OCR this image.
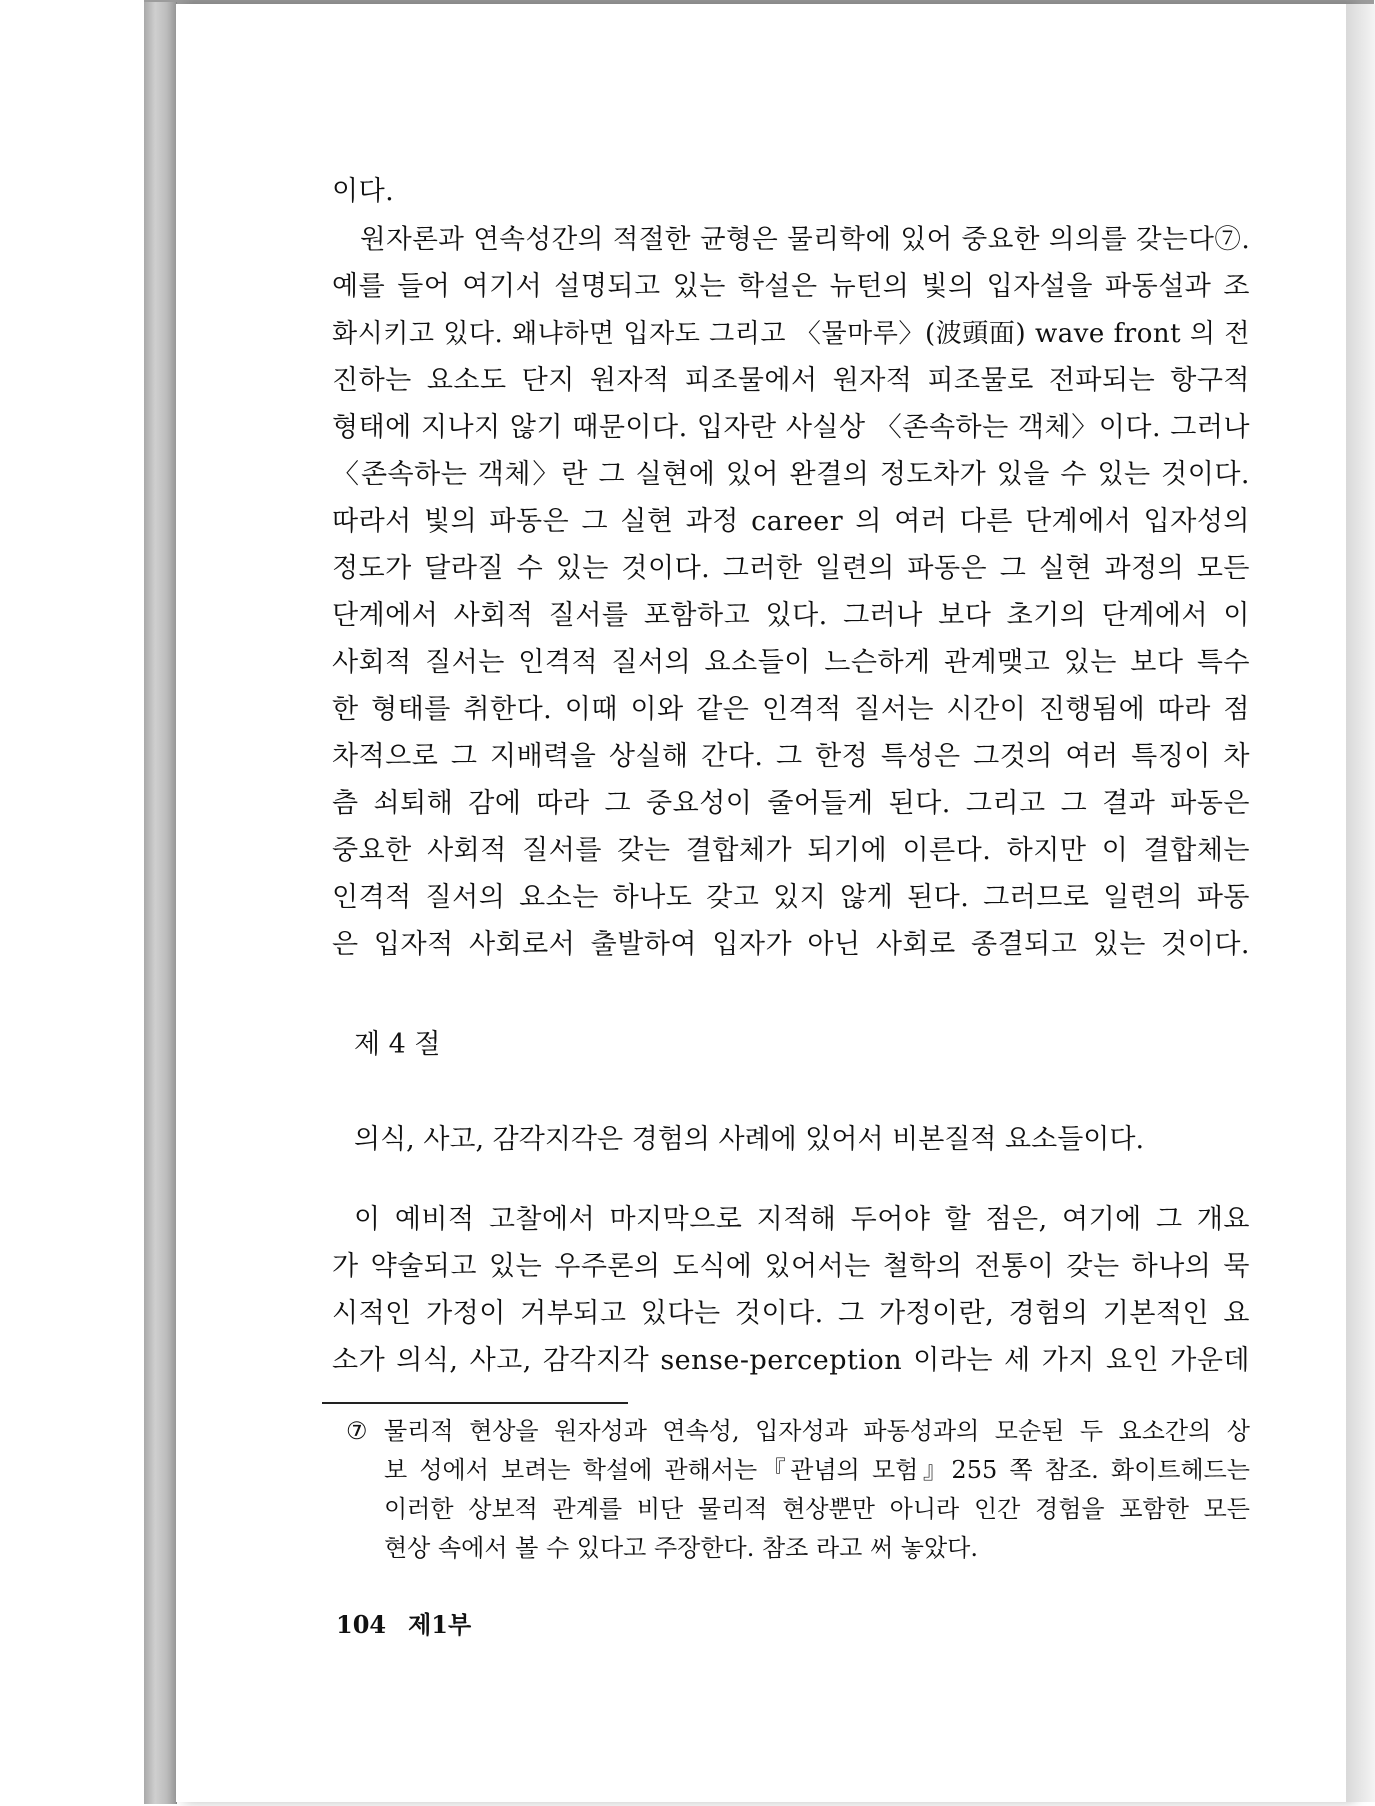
이다.
원자론과 연속성간의 적절한 균형은 물리학에 있어 중요한 의의를 갖는다⑦.
예를 들어 여기서 설명되고 있는 학설은 뉴턴의 빛의 입자설을 파동설과 조
화시키고 있다. 왜냐하면 입자도 그리고 〈물마루〉(波頭面) wave front 의 전
진하는 요소도 단지 원자적 피조물에서 원자적 피조물로 전파되는 항구적
형태에 지나지 않기 때문이다. 입자란 사실상 〈존속하는 객체〉이다. 그러나
〈존속하는 객체〉란 그 실현에 있어 완결의 정도차가 있을 수 있는 것이다.
따라서 빛의 파동은 그 실현 과정 career 의 여러 다른 단계에서 입자성의
정도가 달라질 수 있는 것이다. 그러한 일련의 파동은 그 실현 과정의 모든
단계에서 사회적 질서를 포함하고 있다. 그러나 보다 초기의 단계에서 이
사회적 질서는 인격적 질서의 요소들이 느슨하게 관계맺고 있는 보다 특수
한 형태를 취한다. 이때 이와 같은 인격적 질서는 시간이 진행됨에 따라 점
차적으로 그 지배력을 상실해 간다. 그 한정 특성은 그것의 여러 특징이 차
츰 쇠퇴해 감에 따라 그 중요성이 줄어들게 된다. 그리고 그 결과 파동은
중요한 사회적 질서를 갖는 결합체가 되기에 이른다. 하지만 이 결합체는
인격적 질서의 요소는 하나도 갖고 있지 않게 된다. 그러므로 일련의 파동
은 입자적 사회로서 출발하여 입자가 아닌 사회로 종결되고 있는 것이다.
제 4 절
의식, 사고, 감각지각은 경험의 사례에 있어서 비본질적 요소들이다.
이 예비적 고찰에서 마지막으로 지적해 두어야 할 점은, 여기에 그 개요
가 약술되고 있는 우주론의 도식에 있어서는 철학의 전통이 갖는 하나의 묵
시적인 가정이 거부되고 있다는 것이다. 그 가정이란, 경험의 기본적인 요
소가 의식, 사고, 감각지각 sense-perception 이라는 세 가지 요인 가운데
⑦ 물리적 현상을 원자성과 연속성, 입자성과 파동성과의 모순된 두 요소간의 상
보 성에서 보려는 학설에 관해서는『관념의 모험』255 쪽 참조. 화이트헤드는
이러한 상보적 관계를 비단 물리적 현상뿐만 아니라 인간 경험을 포함한 모든
현상 속에서 볼 수 있다고 주장한다. 참조 라고 써 놓았다.
104 제1부
